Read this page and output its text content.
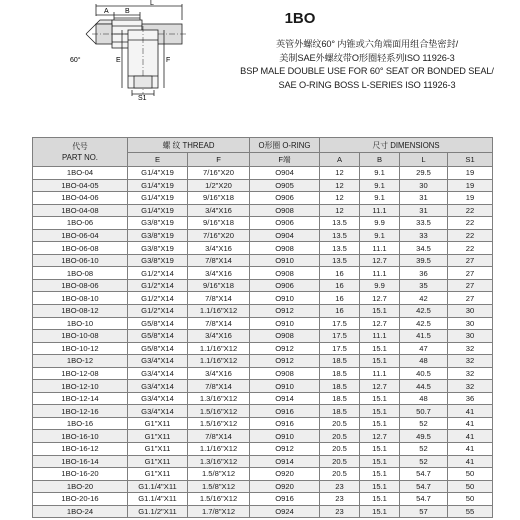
A B
L
E	F
S1
60°
1BO
英管外螺纹60° 内锥或六角端面用组合垫密封/
美制SAE外螺纹带O形圈轻系列ISO 11926-3
BSP MALE DOUBLE USE FOR 60° SEAT OR BONDED SEAL/
SAE O-RING BOSS L-SERIES ISO 11926-3
代号
PART NO.	螺 纹 THREAD		O形圈 O-RING	尺寸 DIMENSIONS			
	E	F	F端	A	B	L	S1
1BO-04	G1/4"X19	7/16"X20	O904	12	9.1	29.5	19
1BO-04-05	G1/4"X19	1/2"X20	O905	12	9.1	30	19
1BO-04-06	G1/4"X19	9/16"X18	O906	12	9.1	31	19
1BO-04-08	G1/4"X19	3/4"X16	O908	12	11.1	31	22
1BO-06	G3/8"X19	9/16"X18	O906	13.5	9.9	33.5	22
1BO-06-04	G3/8"X19	7/16"X20	O904	13.5	9.1	33	22
1BO-06-08	G3/8"X19	3/4"X16	O908	13.5	11.1	34.5	22
1BO-06-10	G3/8"X19	7/8"X14	O910	13.5	12.7	39.5	27
1BO-08	G1/2"X14	3/4"X16	O908	16	11.1	36	27
1BO-08-06	G1/2"X14	9/16"X18	O906	16	9.9	35	27
1BO-08-10	G1/2"X14	7/8"X14	O910	16	12.7	42	27
1BO-08-12	G1/2"X14	1.1/16"X12	O912	16	15.1	42.5	30
1BO-10	G5/8"X14	7/8"X14	O910	17.5	12.7	42.5	30
1BO-10-08	G5/8"X14	3/4"X16	O908	17.5	11.1	41.5	30
1BO-10-12	G5/8"X14	1.1/16"X12	O912	17.5	15.1	47	32
1BO-12	G3/4"X14	1.1/16"X12	O912	18.5	15.1	48	32
1BO-12-08	G3/4"X14	3/4"X16	O908	18.5	11.1	40.5	32
1BO-12-10	G3/4"X14	7/8"X14	O910	18.5	12.7	44.5	32
1BO-12-14	G3/4"X14	1.3/16"X12	O914	18.5	15.1	48	36
1BO-12-16	G3/4"X14	1.5/16"X12	O916	18.5	15.1	50.7	41
1BO-16	G1"X11	1.5/16"X12	O916	20.5	15.1	52	41
1BO-16-10	G1"X11	7/8"X14	O910	20.5	12.7	49.5	41
1BO-16-12	G1"X11	1.1/16"X12	O912	20.5	15.1	52	41
1BO-16-14	G1"X11	1.3/16"X12	O914	20.5	15.1	52	41
1BO-16-20	G1"X11	1.5/8"X12	O920	20.5	15.1	54.7	50
1BO-20	G1.1/4"X11	1.5/8"X12	O920	23	15.1	54.7	50
1BO-20-16	G1.1/4"X11	1.5/16"X12	O916	23	15.1	54.7	50
1BO-24	G1.1/2"X11	1.7/8"X12	O924	23	15.1	57	55
